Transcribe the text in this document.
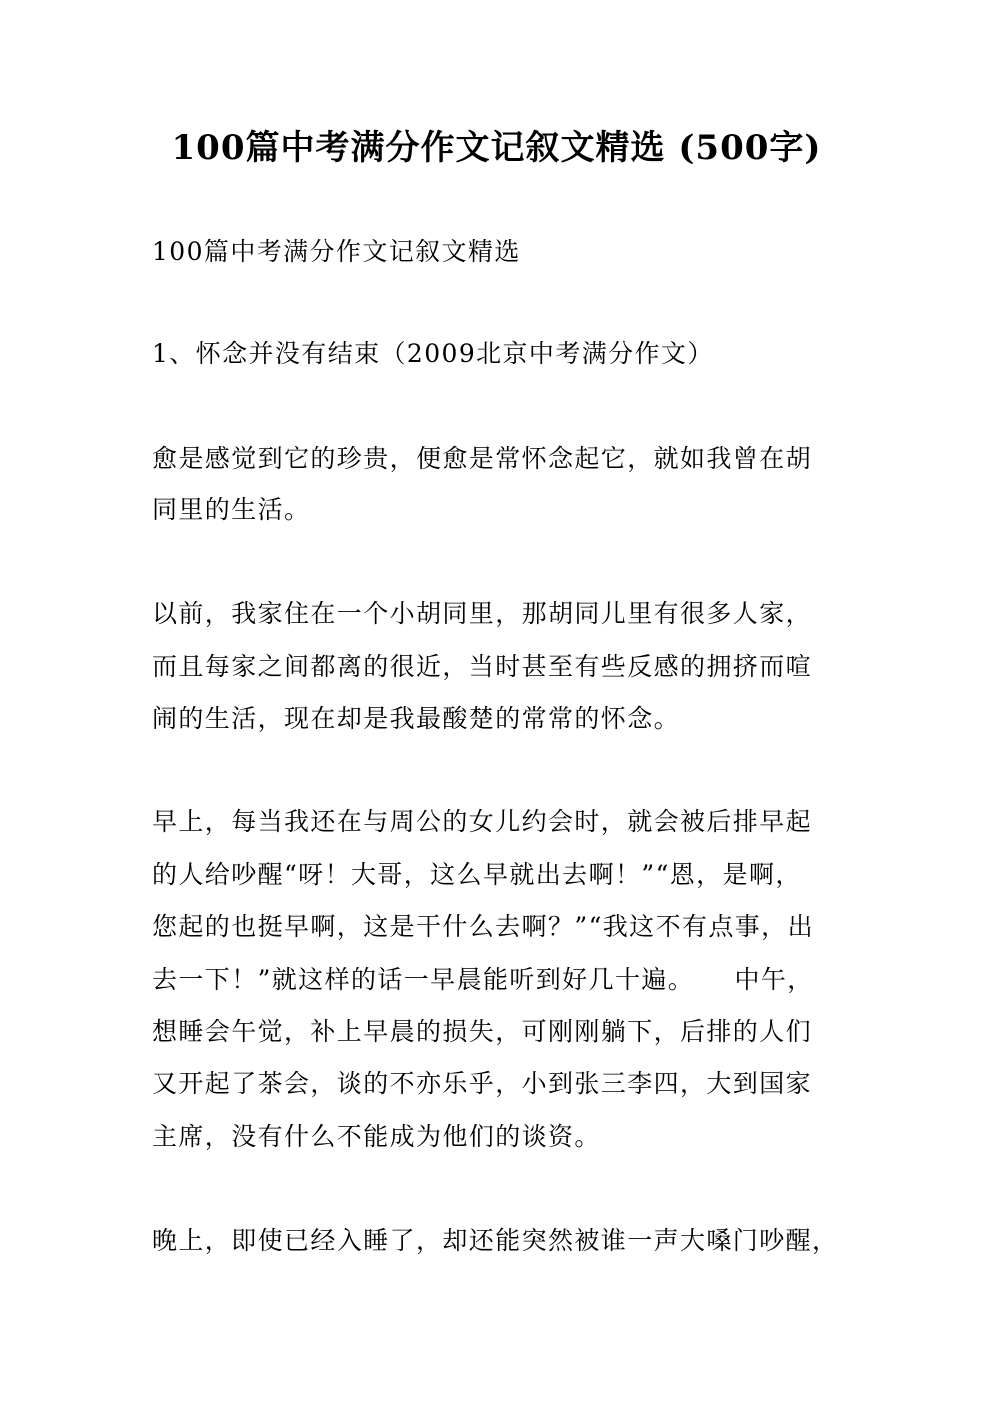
100篇中考满分作文记叙文精选 (500字)
100篇中考满分作文记叙文精选
1、怀念并没有结束（2009北京中考满分作文）
愈是感觉到它的珍贵，便愈是常怀念起它，就如我曾在胡
同里的生活。
以前，我家住在一个小胡同里，那胡同儿里有很多人家，
而且每家之间都离的很近，当时甚至有些反感的拥挤而喧
闹的生活，现在却是我最酸楚的常常的怀念。
早上，每当我还在与周公的女儿约会时，就会被后排早起
的人给吵醒“呀！大哥，这么早就出去啊！”“恩，是啊，
您起的也挺早啊，这是干什么去啊？”“我这不有点事，出
去一下！”就这样的话一早晨能听到好几十遍。　　中午，
想睡会午觉，补上早晨的损失，可刚刚躺下，后排的人们
又开起了茶会，谈的不亦乐乎，小到张三李四，大到国家
主席，没有什么不能成为他们的谈资。
晚上，即使已经入睡了，却还能突然被谁一声大嗓门吵醒，
